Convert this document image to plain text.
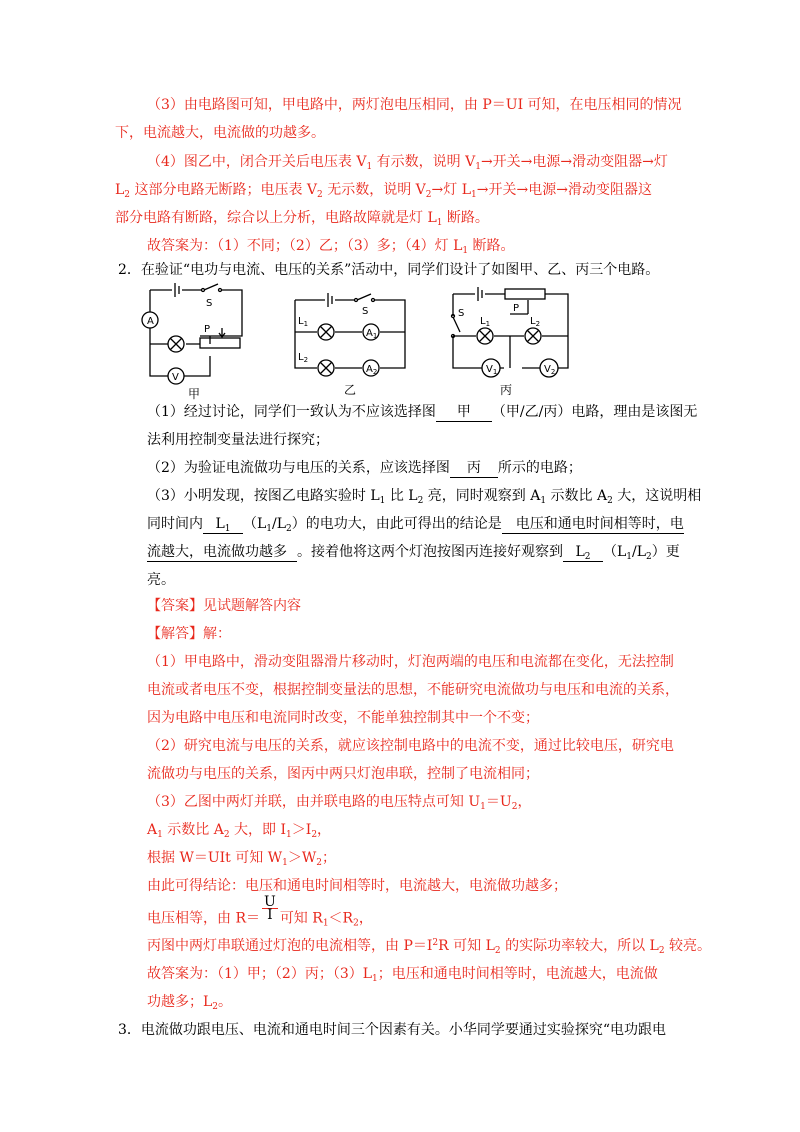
（3）由电路图可知，甲电路中，两灯泡电压相同，由 P＝UI 可知，在电压相同的情况
下，电流越大，电流做的功越多。
（4）图乙中，闭合开关后电压表 $V_1$ 有示数，说明 $V_1\to$开关→电源→滑动变阻器→灯
$L_2$ 这部分电路无断路；电压表 $V_2$ 无示数，说明 $V_2\to$灯 $L_1\to$开关→电源→滑动变阻器这
部分电路有断路，综合以上分析，电路故障就是灯 $L_1$ 断路。
故答案为：（1）不同；（2）乙；（3）多；（4）灯 $L_1$ 断路。
2．在验证“电功与电流、电压的关系”活动中，同学们设计了如图甲、乙、丙三个电路。
A
V
S
P
甲
S
$L_1$
$L_2$
$A_1$
$A_2$
乙
S	P
$L_1$	$L_2$
$V_1$	$V_2$
丙
（1）经过讨论，同学们一致认为不应该选择图 甲 （甲/乙/丙）电路，理由是该图无
法利用控制变量法进行探究；
（2）为验证电流做功与电压的关系，应该选择图 丙 所示的电路；
（3）小明发现，按图乙电路实验时 $L_1$ 比 $L_2$ 亮，同时观察到 $A_1$ 示数比 $A_2$ 大，这说明相
同时间内 $L_1$ $(L_1/L_2)$的电功大，由此可得出的结论是 电压和通电时间相等时，电
流越大，电流做功越多 。接着他将这两个灯泡按图丙连接好观察到 $L_2$ $(L_1/L_2)$更
亮。
【答案】见试题解答内容
【解答】解：
（1）甲电路中，滑动变阻器滑片移动时，灯泡两端的电压和电流都在变化，无法控制
电流或者电压不变，根据控制变量法的思想，不能研究电流做功与电压和电流的关系，
因为电路中电压和电流同时改变，不能单独控制其中一个不变；
（2）研究电流与电压的关系，就应该控制电路中的电流不变，通过比较电压，研究电
流做功与电压的关系，图丙中两只灯泡串联，控制了电流相同；
（3）乙图中两灯并联，由并联电路的电压特点可知 $U_1=U_2$，
$A_1$ 示数比 $A_2$ 大，即 $I_1>I_2$，
根据 W＝UIt 可知 $W_1>W_2$；
由此可得结论：电压和通电时间相等时，电流越大，电流做功越多；
电压相等，由 $R= \frac{U}{I}$ 可知 $R_1<R_2$，
丙图中两灯串联通过灯泡的电流相等，由 $P=I^2R$ 可知 $L_2$ 的实际功率较大，所以 $L_2$ 较亮。
故答案为：（1）甲；（2）丙；$(3)L_1$；电压和通电时间相等时，电流越大，电流做
功越多；$L_2$。
3．电流做功跟电压、电流和通电时间三个因素有关。小华同学要通过实验探究“电功跟电
